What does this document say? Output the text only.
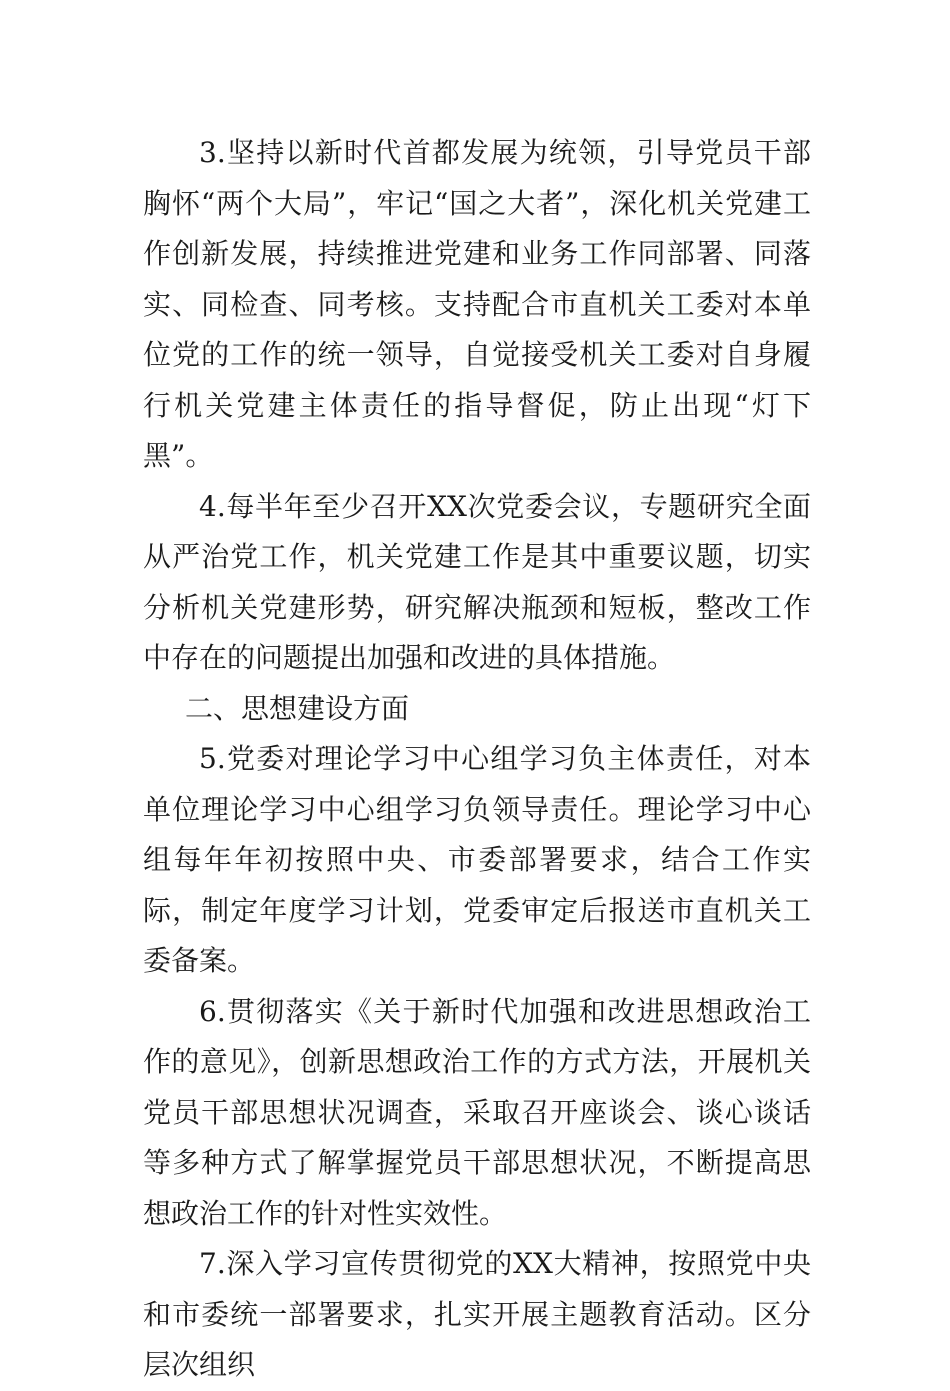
3.坚持以新时代首都发展为统领，引导党员干部胸怀“两个大局”，牢记“国之大者”，深化机关党建工作创新发展，持续推进党建和业务工作同部署、同落实、同检查、同考核。支持配合市直机关工委对本单位党的工作的统一领导，自觉接受机关工委对自身履行机关党建主体责任的指导督促，防止出现“灯下黑”。

4.每半年至少召开XX次党委会议，专题研究全面从严治党工作，机关党建工作是其中重要议题，切实分析机关党建形势，研究解决瓶颈和短板，整改工作中存在的问题提出加强和改进的具体措施。

二、思想建设方面

5.党委对理论学习中心组学习负主体责任，对本单位理论学习中心组学习负领导责任。理论学习中心组每年年初按照中央、市委部署要求，结合工作实际，制定年度学习计划，党委审定后报送市直机关工委备案。

6.贯彻落实《关于新时代加强和改进思想政治工作的意见》，创新思想政治工作的方式方法，开展机关党员干部思想状况调查，采取召开座谈会、谈心谈话等多种方式了解掌握党员干部思想状况，不断提高思想政治工作的针对性实效性。

7.深入学习宣传贯彻党的XX大精神，按照党中央和市委统一部署要求，扎实开展主题教育活动。区分层次组织
